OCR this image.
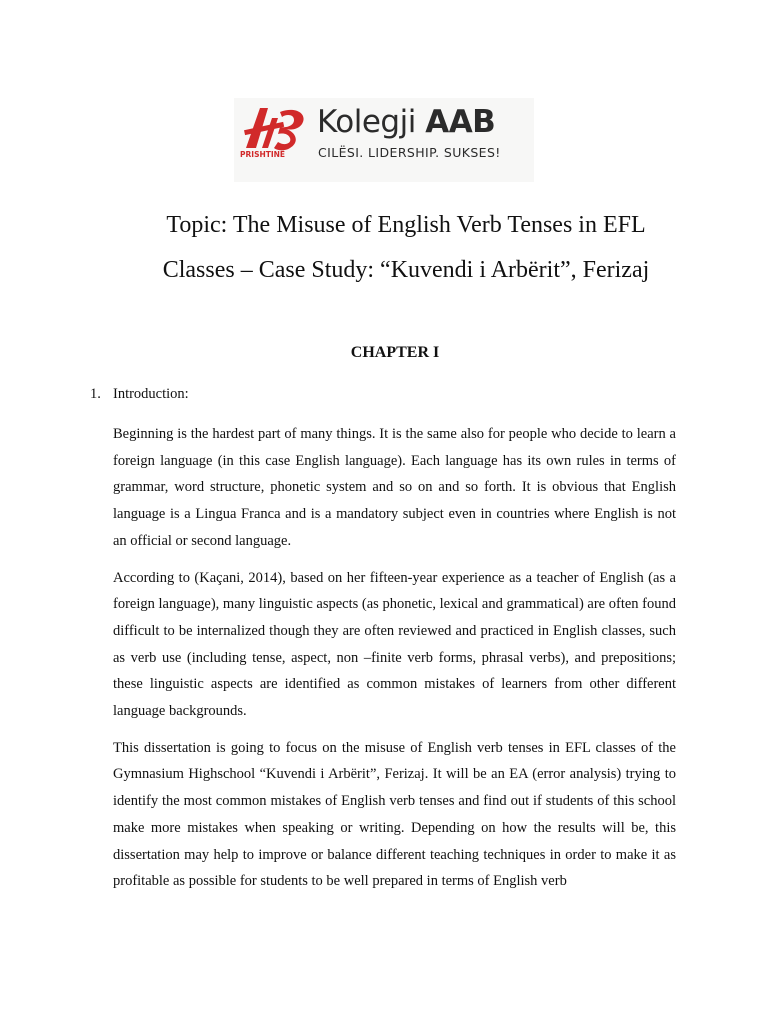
PRISHTINË
Kolegji AAB
CILËSI. LIDERSHIP. SUKSES!
Topic: The Misuse of English Verb Tenses in EFL
Classes – Case Study: “Kuvendi i Arbërit”, Ferizaj
CHAPTER I
1. Introduction:

Beginning is the hardest part of many things. It is the same also for people who decide to learn a foreign language (in this case English language). Each language has its own rules in terms of grammar, word structure, phonetic system and so on and so forth. It is obvious that English language is a Lingua Franca and is a mandatory subject even in countries where English is not an official or second language.

According to (Kaçani, 2014), based on her fifteen-year experience as a teacher of English (as a foreign language), many linguistic aspects (as phonetic, lexical and grammatical) are often found difficult to be internalized though they are often reviewed and practiced in English classes, such as verb use (including tense, aspect, non –finite verb forms, phrasal verbs), and prepositions; these linguistic aspects are identified as common mistakes of learners from other different language backgrounds.

This dissertation is going to focus on the misuse of English verb tenses in EFL classes of the Gymnasium Highschool “Kuvendi i Arbërit”, Ferizaj. It will be an EA (error analysis) trying to identify the most common mistakes of English verb tenses and find out if students of this school make more mistakes when speaking or writing. Depending on how the results will be, this dissertation may help to improve or balance different teaching techniques in order to make it as profitable as possible for students to be well prepared in terms of English verb
